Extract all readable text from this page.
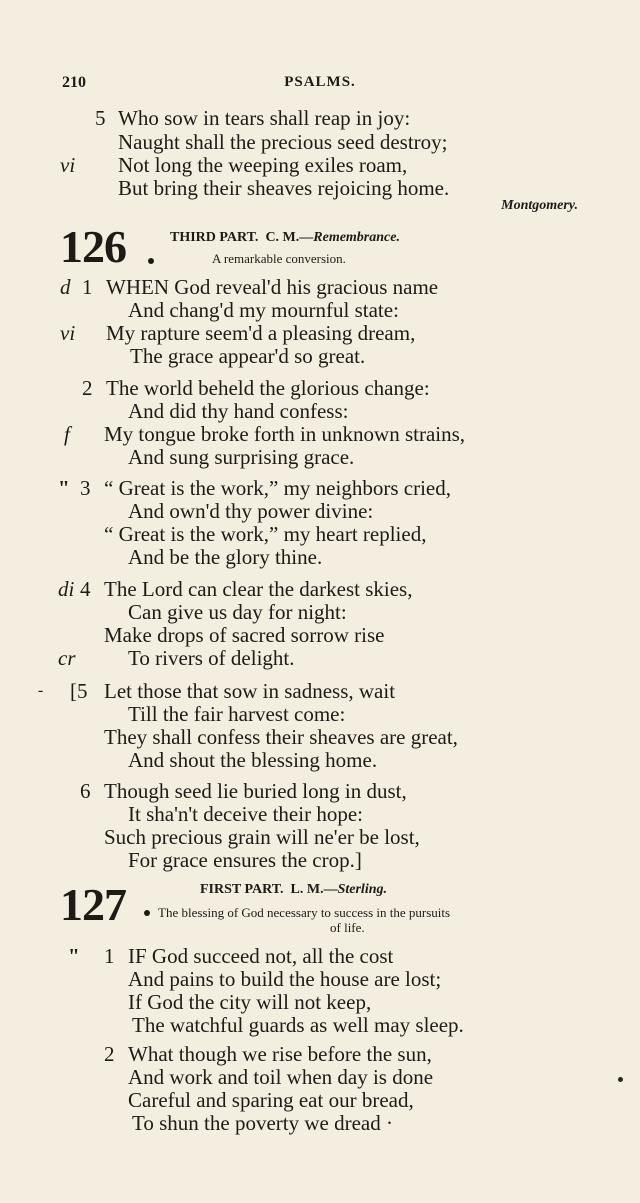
210	PSALMS.
5 Who sow in tears shall reap in joy:
Naught shall the precious seed destroy;
vi Not long the weeping exiles roam,
But bring their sheaves rejoicing home.
Montgomery.
126	THIRD PART. C. M.—Remembrance.
A remarkable conversion.
d 1 WHEN God reveal'd his gracious name
And chang'd my mournful state:
vi My rapture seem'd a pleasing dream,
The grace appear'd so great.
2 The world beheld the glorious change:
And did thy hand confess:
f My tongue broke forth in unknown strains,
And sung surprising grace.
" 3 “ Great is the work,” my neighbors cried,
And own'd thy power divine:
“ Great is the work,” my heart replied,
And be the glory thine.
di 4 The Lord can clear the darkest skies,
Can give us day for night:
Make drops of sacred sorrow rise
cr	To rivers of delight.
- [5 Let those that sow in sadness, wait
Till the fair harvest come:
They shall confess their sheaves are great,
And shout the blessing home.
6 Though seed lie buried long in dust,
It sha'n't deceive their hope:
Such precious grain will ne'er be lost,
For grace ensures the crop.]
127	FIRST PART. L. M.—Sterling.
The blessing of God necessary to success in the pursuits
of life.
" 1 IF God succeed not, all the cost
And pains to build the house are lost;
If God the city will not keep,
The watchful guards as well may sleep.
2 What though we rise before the sun,
And work and toil when day is done
Careful and sparing eat our bread,
To shun the poverty we dread ·
